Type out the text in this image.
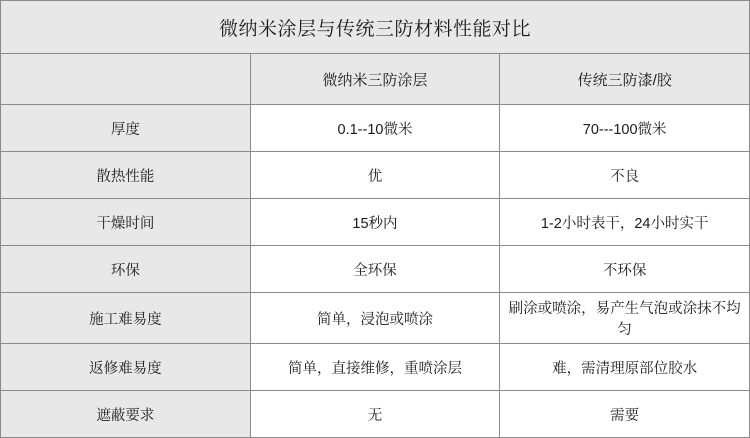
微纳米涂层与传统三防材料性能对比		
	微纳米三防涂层	传统三防漆/胶
厚度	0.1--10微米	70---100微米
散热性能	优	不良
干燥时间	15秒内	1-2小时表干，24小时实干
环保	全环保	不环保
施工难易度	简单，浸泡或喷涂	刷涂或喷涂，易产生气泡或涂抹不均匀
返修难易度	简单，直接维修，重喷涂层	难，需清理原部位胶水
遮蔽要求	无	需要
